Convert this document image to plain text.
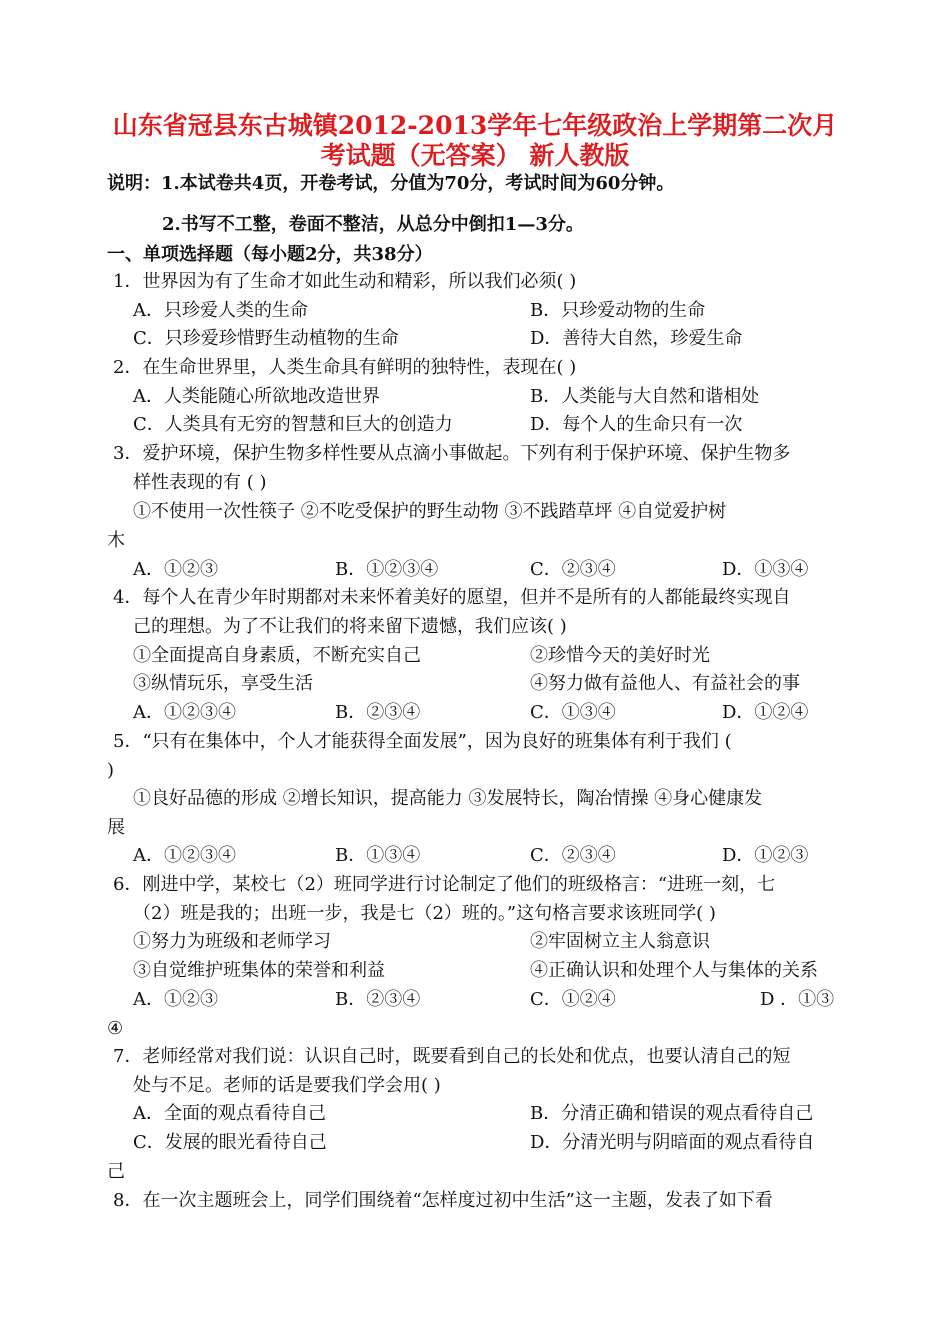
山东省冠县东古城镇2012-2013学年七年级政治上学期第二次月
考试题（无答案） 新人教版
说明：1.本试卷共4页，开卷考试，分值为70分，考试时间为60分钟。
2.书写不工整，卷面不整洁，从总分中倒扣1—3分。
一、单项选择题（每小题2分，共38分）
1．世界因为有了生命才如此生动和精彩，所以我们必须( )
A．只珍爱人类的生命	B．只珍爱动物的生命
C．只珍爱珍惜野生动植物的生命	D．善待大自然，珍爱生命
2．在生命世界里，人类生命具有鲜明的独特性，表现在( )
A．人类能随心所欲地改造世界	B．人类能与大自然和谐相处
C．人类具有无穷的智慧和巨大的创造力	D．每个人的生命只有一次
3．爱护环境，保护生物多样性要从点滴小事做起。下列有利于保护环境、保护生物多
样性表现的有 ( )
①不使用一次性筷子 ②不吃受保护的野生动物 ③不践踏草坪 ④自觉爱护树
木
A．①②③	B．①②③④	C．②③④	D．①③④
4．每个人在青少年时期都对未来怀着美好的愿望，但并不是所有的人都能最终实现自
己的理想。为了不让我们的将来留下遗憾，我们应该( )
①全面提高自身素质，不断充实自己	②珍惜今天的美好时光
③纵情玩乐，享受生活	④努力做有益他人、有益社会的事
A．①②③④	B．②③④	C．①③④	D．①②④
5．“只有在集体中，个人才能获得全面发展”，因为良好的班集体有利于我们 (
)
①良好品德的形成 ②增长知识，提高能力 ③发展特长，陶冶情操 ④身心健康发
展
A．①②③④	B．①③④	C．②③④	D．①②③
6．刚进中学，某校七（2）班同学进行讨论制定了他们的班级格言：“进班一刻，七
（2）班是我的；出班一步，我是七（2）班的。”这句格言要求该班同学( )
①努力为班级和老师学习	②牢固树立主人翁意识
③自觉维护班集体的荣誉和利益	④正确认识和处理个人与集体的关系
A．①②③	B．②③④	C．①②④	D ．①③
④
7．老师经常对我们说：认识自己时，既要看到自己的长处和优点，也要认清自己的短
处与不足。老师的话是要我们学会用( )
A．全面的观点看待自己	B．分清正确和错误的观点看待自己
C．发展的眼光看待自己	D．分清光明与阴暗面的观点看待自
己
8．在一次主题班会上，同学们围绕着“怎样度过初中生活”这一主题，发表了如下看
